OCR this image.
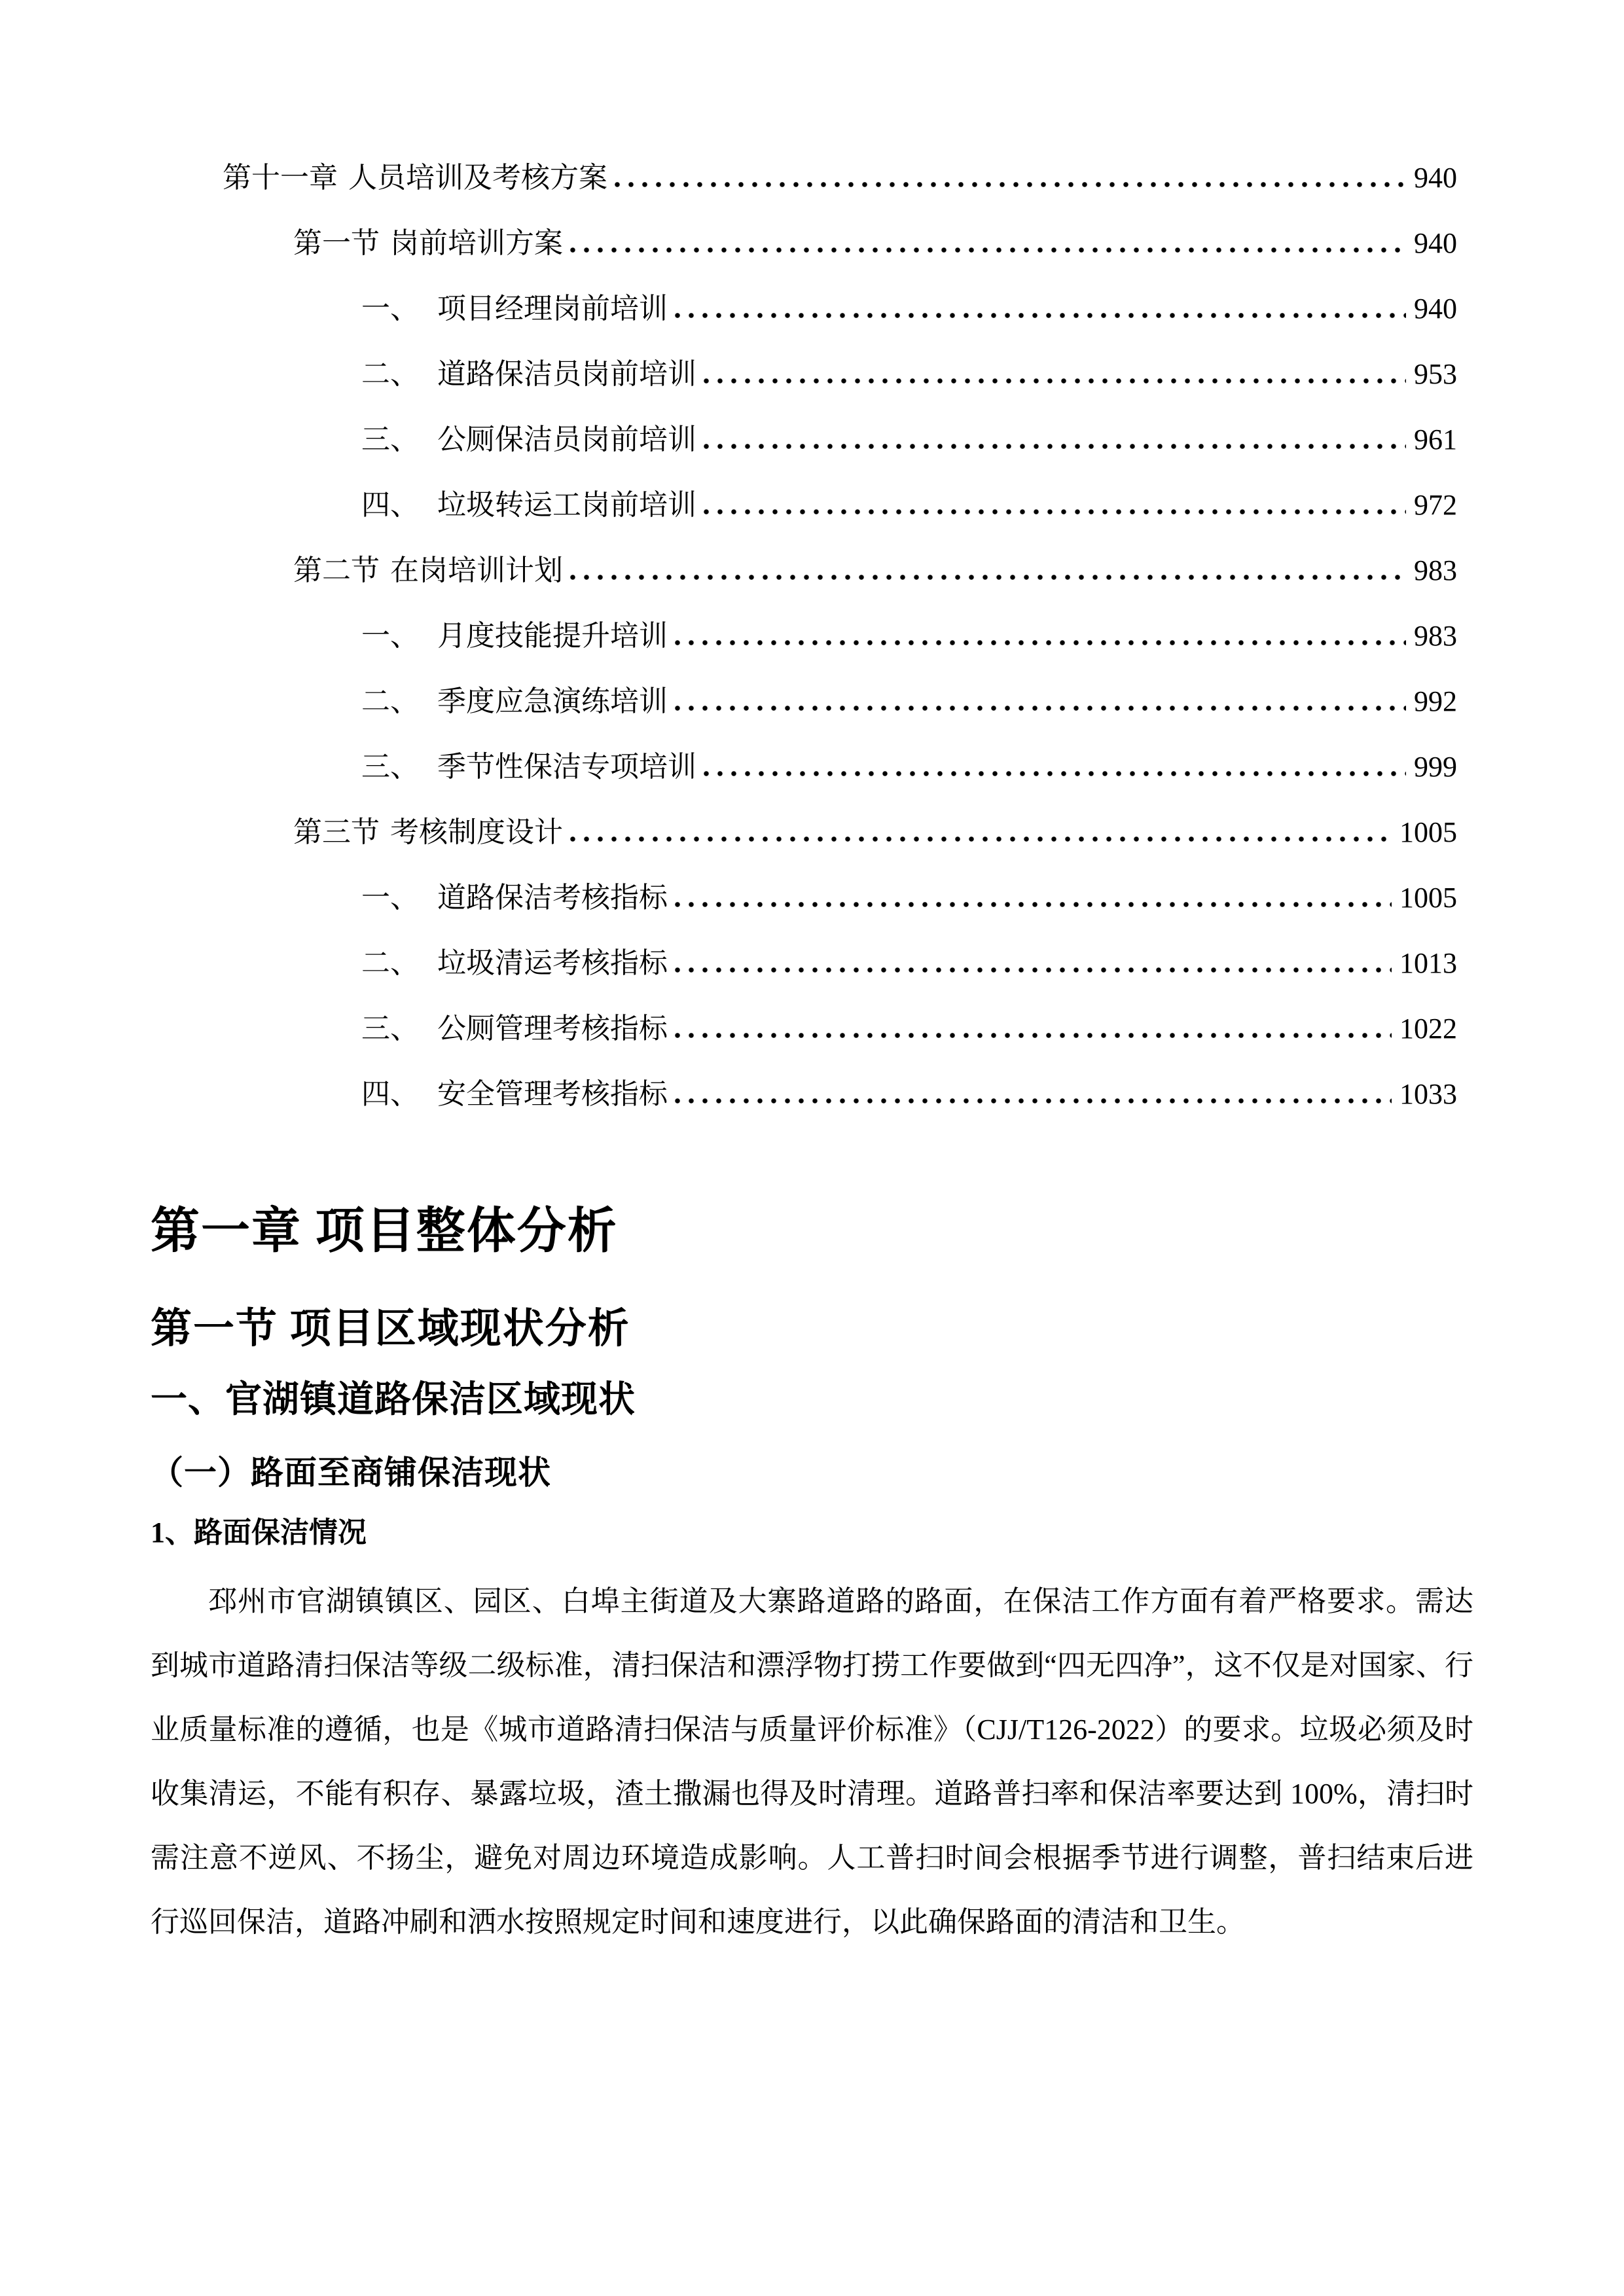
第十一章 人员培训及考核方案	940
第一节 岗前培训方案	940
一、 项目经理岗前培训	940
二、 道路保洁员岗前培训	953
三、 公厕保洁员岗前培训	961
四、 垃圾转运工岗前培训	972
第二节 在岗培训计划	983
一、 月度技能提升培训	983
二、 季度应急演练培训	992
三、 季节性保洁专项培训	999
第三节 考核制度设计	1005
一、 道路保洁考核指标	1005
二、 垃圾清运考核指标	1013
三、 公厕管理考核指标	1022
四、 安全管理考核指标	1033
第一章 项目整体分析
第一节 项目区域现状分析
一、官湖镇道路保洁区域现状
（一）路面至商铺保洁现状
1、路面保洁情况

邳州市官湖镇镇区、园区、白埠主街道及大寨路道路的路面，在保洁工作方面有着严格要求。需达到城市道路清扫保洁等级二级标准，清扫保洁和漂浮物打捞工作要做到“四无四净”，这不仅是对国家、行业质量标准的遵循，也是《城市道路清扫保洁与质量评价标准》（CJJ/T126-2022）的要求。垃圾必须及时收集清运，不能有积存、暴露垃圾，渣土撒漏也得及时清理。道路普扫率和保洁率要达到 100%，清扫时需注意不逆风、不扬尘，避免对周边环境造成影响。人工普扫时间会根据季节进行调整，普扫结束后进行巡回保洁，道路冲刷和洒水按照规定时间和速度进行，以此确保路面的清洁和卫生。
